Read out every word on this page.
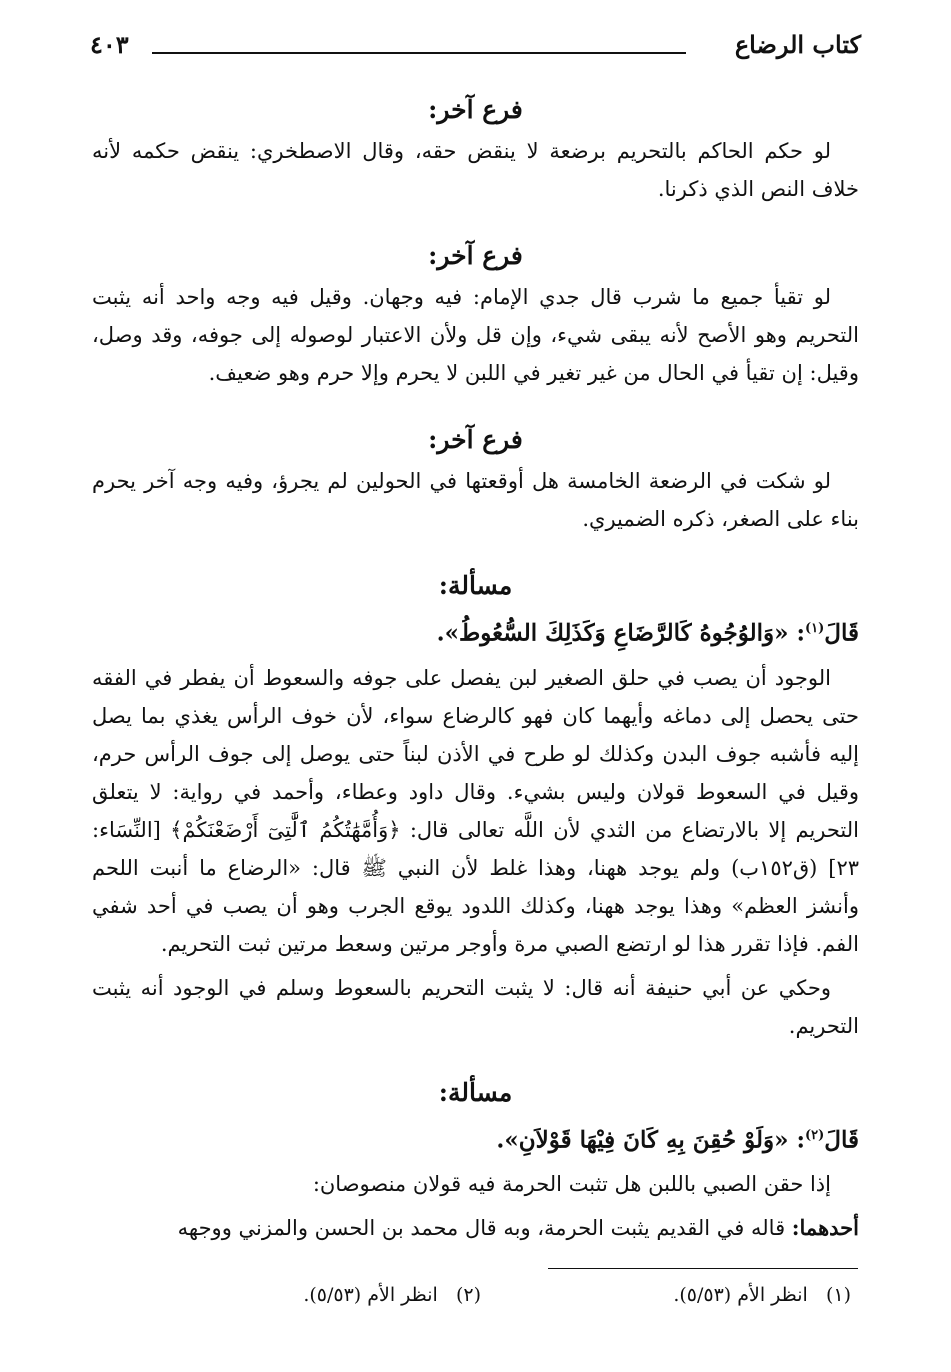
كتاب الرضاع
٤٠٣
فرع آخر:

لو حكم الحاكم بالتحريم برضعة لا ينقض حقه، وقال الاصطخري: ينقض حكمه لأنه خلاف النص الذي ذكرنا.

فرع آخر:

لو تقيأ جميع ما شرب قال جدي الإمام: فيه وجهان. وقيل فيه وجه واحد أنه يثبت التحريم وهو الأصح لأنه يبقى شيء، وإن قل ولأن الاعتبار لوصوله إلى جوفه، وقد وصل، وقيل: إن تقيأ في الحال من غير تغير في اللبن لا يحرم وإلا حرم وهو ضعيف.

فرع آخر:

لو شكت في الرضعة الخامسة هل أوقعتها في الحولين لم يجرؤ، وفيه وجه آخر يحرم بناء على الصغر، ذكره الضميري.

مسألة:

قَالَ$^{(١)}$: «وَالوُجُوهُ كَالرَّضَاعِ وَكَذَلِكَ السُّعُوطُ».

الوجود أن يصب في حلق الصغير لبن يفصل على جوفه والسعوط أن يفطر في الفقه حتى يحصل إلى دماغه وأيهما كان فهو كالرضاع سواء، لأن خوف الرأس يغذي بما يصل إليه فأشبه جوف البدن وكذلك لو طرح في الأذن لبناً حتى يوصل إلى جوف الرأس حرم، وقيل في السعوط قولان وليس بشيء. وقال داود وعطاء، وأحمد في رواية: لا يتعلق التحريم إلا بالارتضاع من الثدي لأن اللَّه تعالى قال: ﴿وَأُمَّهَٰتُكُمُ ٱلَّٰتِىٓ أَرْضَعْنَكُمْ﴾ [النِّسَاء: ٢٣] (ق١٥٢ب) ولم يوجد ههنا، وهذا غلط لأن النبي ﷺ قال: «الرضاع ما أنبت اللحم وأنشز العظم» وهذا يوجد ههنا، وكذلك اللدود يوقع الجرب وهو أن يصب في أحد شفي الفم. فإذا تقرر هذا لو ارتضع الصبي مرة وأوجر مرتين وسعط مرتين ثبت التحريم.

وحكي عن أبي حنيفة أنه قال: لا يثبت التحريم بالسعوط وسلم في الوجود أنه يثبت التحريم.

مسألة:

قَالَ$^{(٢)}$: «وَلَوْ حُقِنَ بِهِ كَانَ فِيْهَا قَوْلاَنِ».

إذا حقن الصبي باللبن هل تثبت الحرمة فيه قولان منصوصان:

أحدهما: قاله في القديم يثبت الحرمة، وبه قال محمد بن الحسن والمزني ووجهه

(١)   انظر الأم (٥/٥٣).
(٢)   انظر الأم (٥/٥٣).
